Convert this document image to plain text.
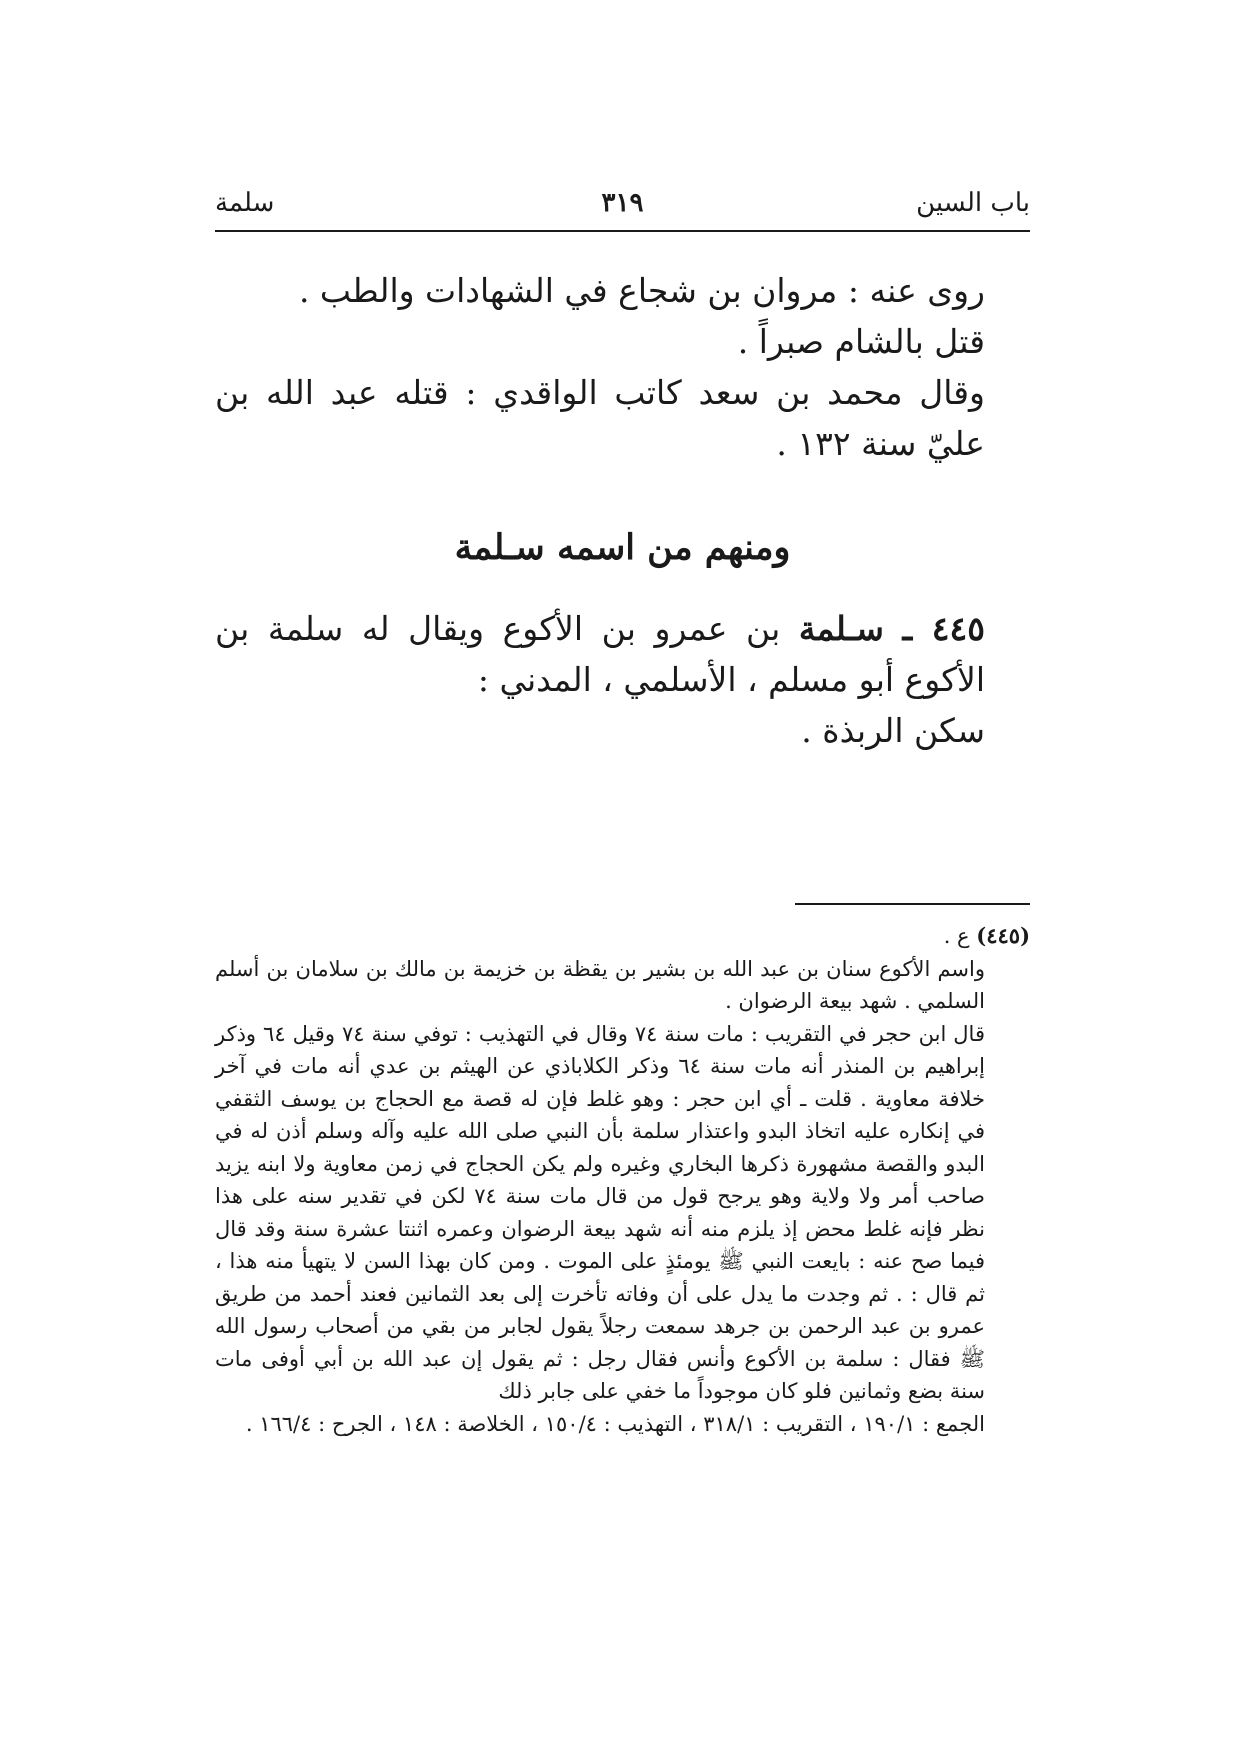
باب السين
٣١٩
سلمة

روى عنه : مروان بن شجاع في الشهادات والطب .

قتل بالشام صبراً .

وقال محمد بن سعد كاتب الواقدي : قتله عبد الله بن عليّ سنة ١٣٢ .

ومنهم من اسمه سـلمة

٤٤٥ ـ سـلمة بن عمرو بن الأكوع ويقال له سلمة بن الأكوع أبو مسلم ، الأسلمي ، المدني :

سكن الربذة .

(٤٤٥) ع .

واسم الأكوع سنان بن عبد الله بن بشير بن يقظة بن خزيمة بن مالك بن سلامان بن أسلم السلمي . شهد بيعة الرضوان .

قال ابن حجر في التقريب : مات سنة ٧٤ وقال في التهذيب : توفي سنة ٧٤ وقيل ٦٤ وذكر إبراهيم بن المنذر أنه مات سنة ٦٤ وذكر الكلاباذي عن الهيثم بن عدي أنه مات في آخر خلافة معاوية . قلت ـ أي ابن حجر : وهو غلط فإن له قصة مع الحجاج بن يوسف الثقفي في إنكاره عليه اتخاذ البدو واعتذار سلمة بأن النبي صلى الله عليه وآله وسلم أذن له في البدو والقصة مشهورة ذكرها البخاري وغيره ولم يكن الحجاج في زمن معاوية ولا ابنه يزيد صاحب أمر ولا ولاية وهو يرجح قول من قال مات سنة ٧٤ لكن في تقدير سنه على هذا نظر فإنه غلط محض إذ يلزم منه أنه شهد بيعة الرضوان وعمره اثنتا عشرة سنة وقد قال فيما صح عنه : بايعت النبي ﷺ يومئذٍ على الموت . ومن كان بهذا السن لا يتهيأ منه هذا ، ثم قال : . ثم وجدت ما يدل على أن وفاته تأخرت إلى بعد الثمانين فعند أحمد من طريق عمرو بن عبد الرحمن بن جرهد سمعت رجلاً يقول لجابر من بقي من أصحاب رسول الله ﷺ فقال : سلمة بن الأكوع وأنس فقال رجل : ثم يقول إن عبد الله بن أبي أوفى مات سنة بضع وثمانين فلو كان موجوداً ما خفي على جابر ذلك

الجمع : ١٩٠/١ ، التقريب : ٣١٨/١ ، التهذيب : ١٥٠/٤ ، الخلاصة : ١٤٨ ، الجرح : ١٦٦/٤ .
